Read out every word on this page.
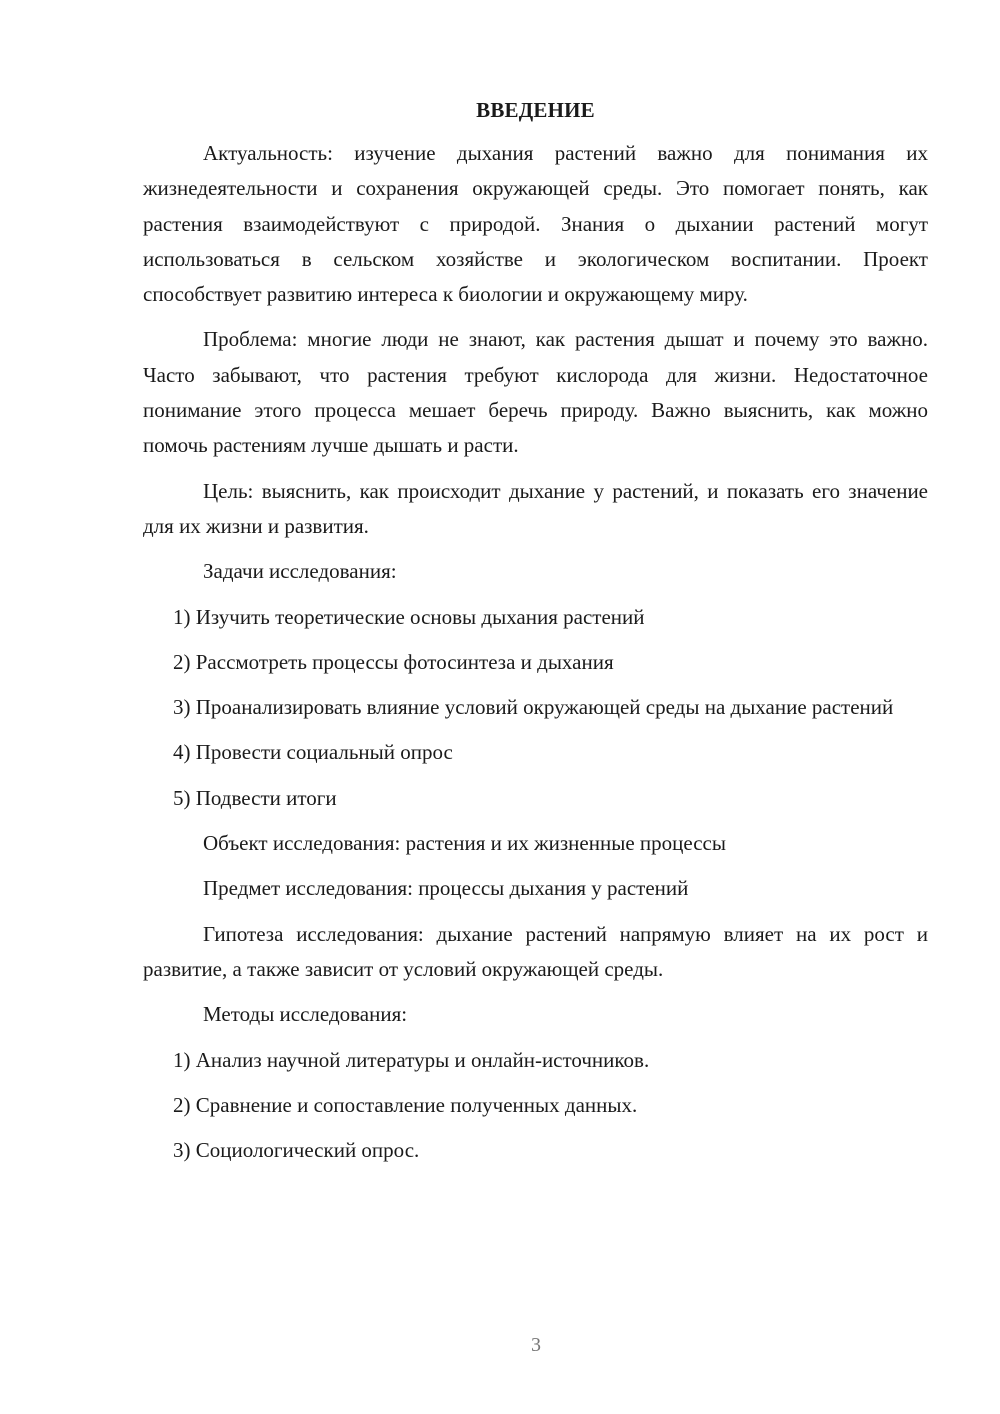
ВВЕДЕНИЕ

Актуальность: изучение дыхания растений важно для понимания их жизнедеятельности и сохранения окружающей среды. Это помогает понять, как растения взаимодействуют с природой. Знания о дыхании растений могут использоваться в сельском хозяйстве и экологическом воспитании. Проект способствует развитию интереса к биологии и окружающему миру.

Проблема: многие люди не знают, как растения дышат и почему это важно. Часто забывают, что растения требуют кислорода для жизни. Недостаточное понимание этого процесса мешает беречь природу. Важно выяснить, как можно помочь растениям лучше дышать и расти.

Цель: выяснить, как происходит дыхание у растений, и показать его значение для их жизни и развития.

Задачи исследования:

1) Изучить теоретические основы дыхания растений

2) Рассмотреть процессы фотосинтеза и дыхания

3) Проанализировать влияние условий окружающей среды на дыхание растений

4) Провести социальный опрос

5) Подвести итоги

Объект исследования: растения и их жизненные процессы

Предмет исследования: процессы дыхания у растений

Гипотеза исследования: дыхание растений напрямую влияет на их рост и развитие, а также зависит от условий окружающей среды.

Методы исследования:

1) Анализ научной литературы и онлайн-источников.

2) Сравнение и сопоставление полученных данных.

3) Социологический опрос.

3
